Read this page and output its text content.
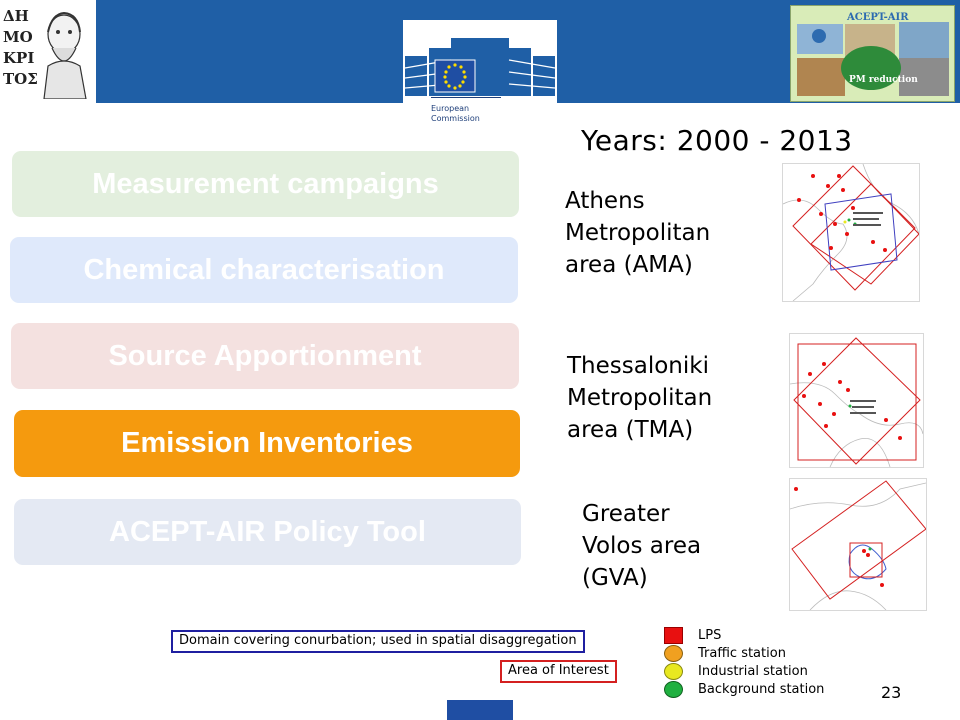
ΔΗ
ΜΟ
ΚΡΙ
ΤΟΣ
European
Commission
ACEPT-AIR
PM reduction
Years: 2000 - 2013
Measurement campaigns
Chemical characterisation
Source Apportionment
Emission Inventories
ACEPT-AIR Policy Tool
Athens
Metropolitan
area (AMA)
Thessaloniki
Metropolitan
area (TMA)
Greater
Volos area
(GVA)
Domain covering conurbation; used in spatial disaggregation
Area of Interest
LPS
Traffic station
Industrial station
Background station	23
